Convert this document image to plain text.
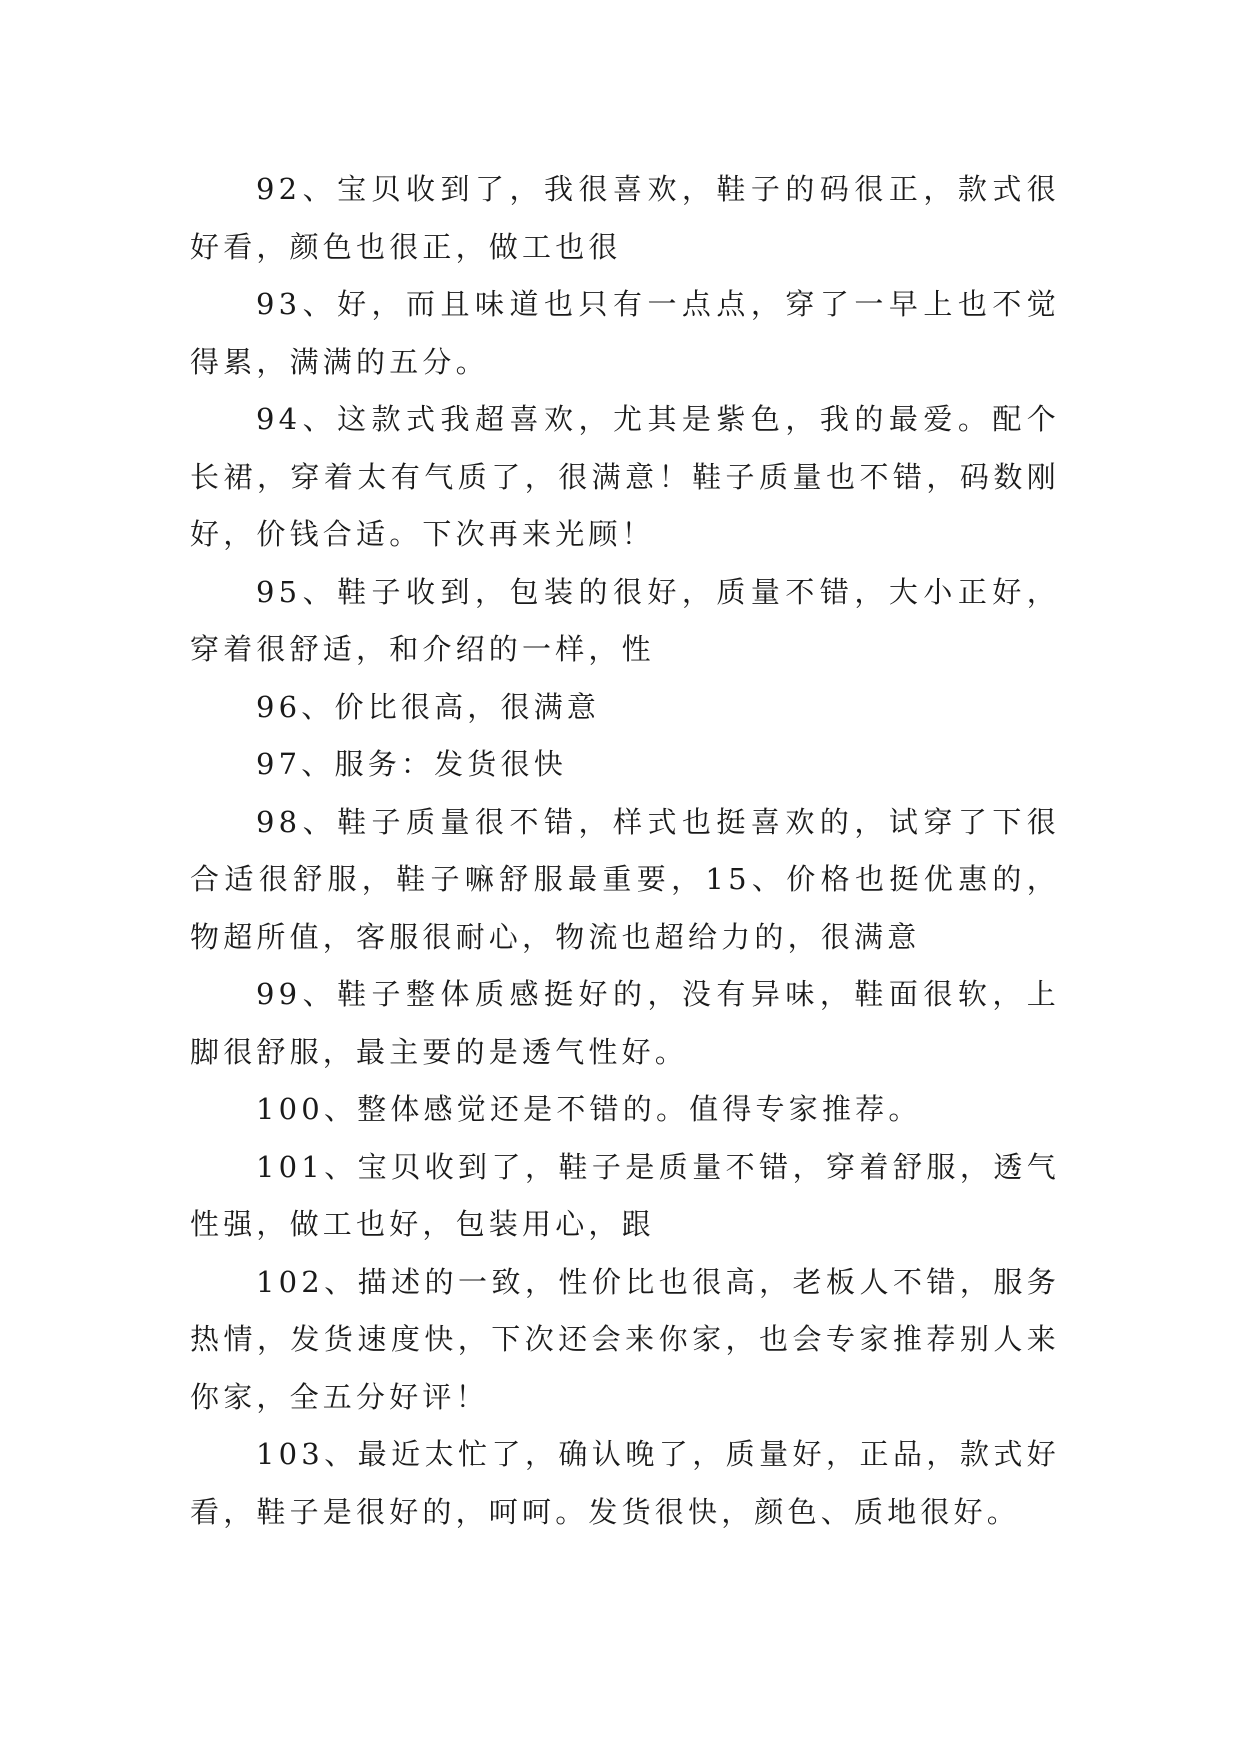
92、宝贝收到了，我很喜欢，鞋子的码很正，款式很好看，颜色也很正，做工也很

93、好，而且味道也只有一点点，穿了一早上也不觉得累，满满的五分。

94、这款式我超喜欢，尤其是紫色，我的最爱。配个长裙，穿着太有气质了，很满意！鞋子质量也不错，码数刚好，价钱合适。下次再来光顾！

95、鞋子收到，包装的很好，质量不错，大小正好，穿着很舒适，和介绍的一样，性

96、价比很高，很满意

97、服务：发货很快

98、鞋子质量很不错，样式也挺喜欢的，试穿了下很合适很舒服，鞋子嘛舒服最重要，15、价格也挺优惠的，物超所值，客服很耐心，物流也超给力的，很满意

99、鞋子整体质感挺好的，没有异味，鞋面很软，上脚很舒服，最主要的是透气性好。

100、整体感觉还是不错的。值得专家推荐。

101、宝贝收到了，鞋子是质量不错，穿着舒服，透气性强，做工也好，包装用心，跟

102、描述的一致，性价比也很高，老板人不错，服务热情，发货速度快，下次还会来你家，也会专家推荐别人来你家，全五分好评！

103、最近太忙了，确认晚了，质量好，正品，款式好看，鞋子是很好的，呵呵。发货很快，颜色、质地很好。
